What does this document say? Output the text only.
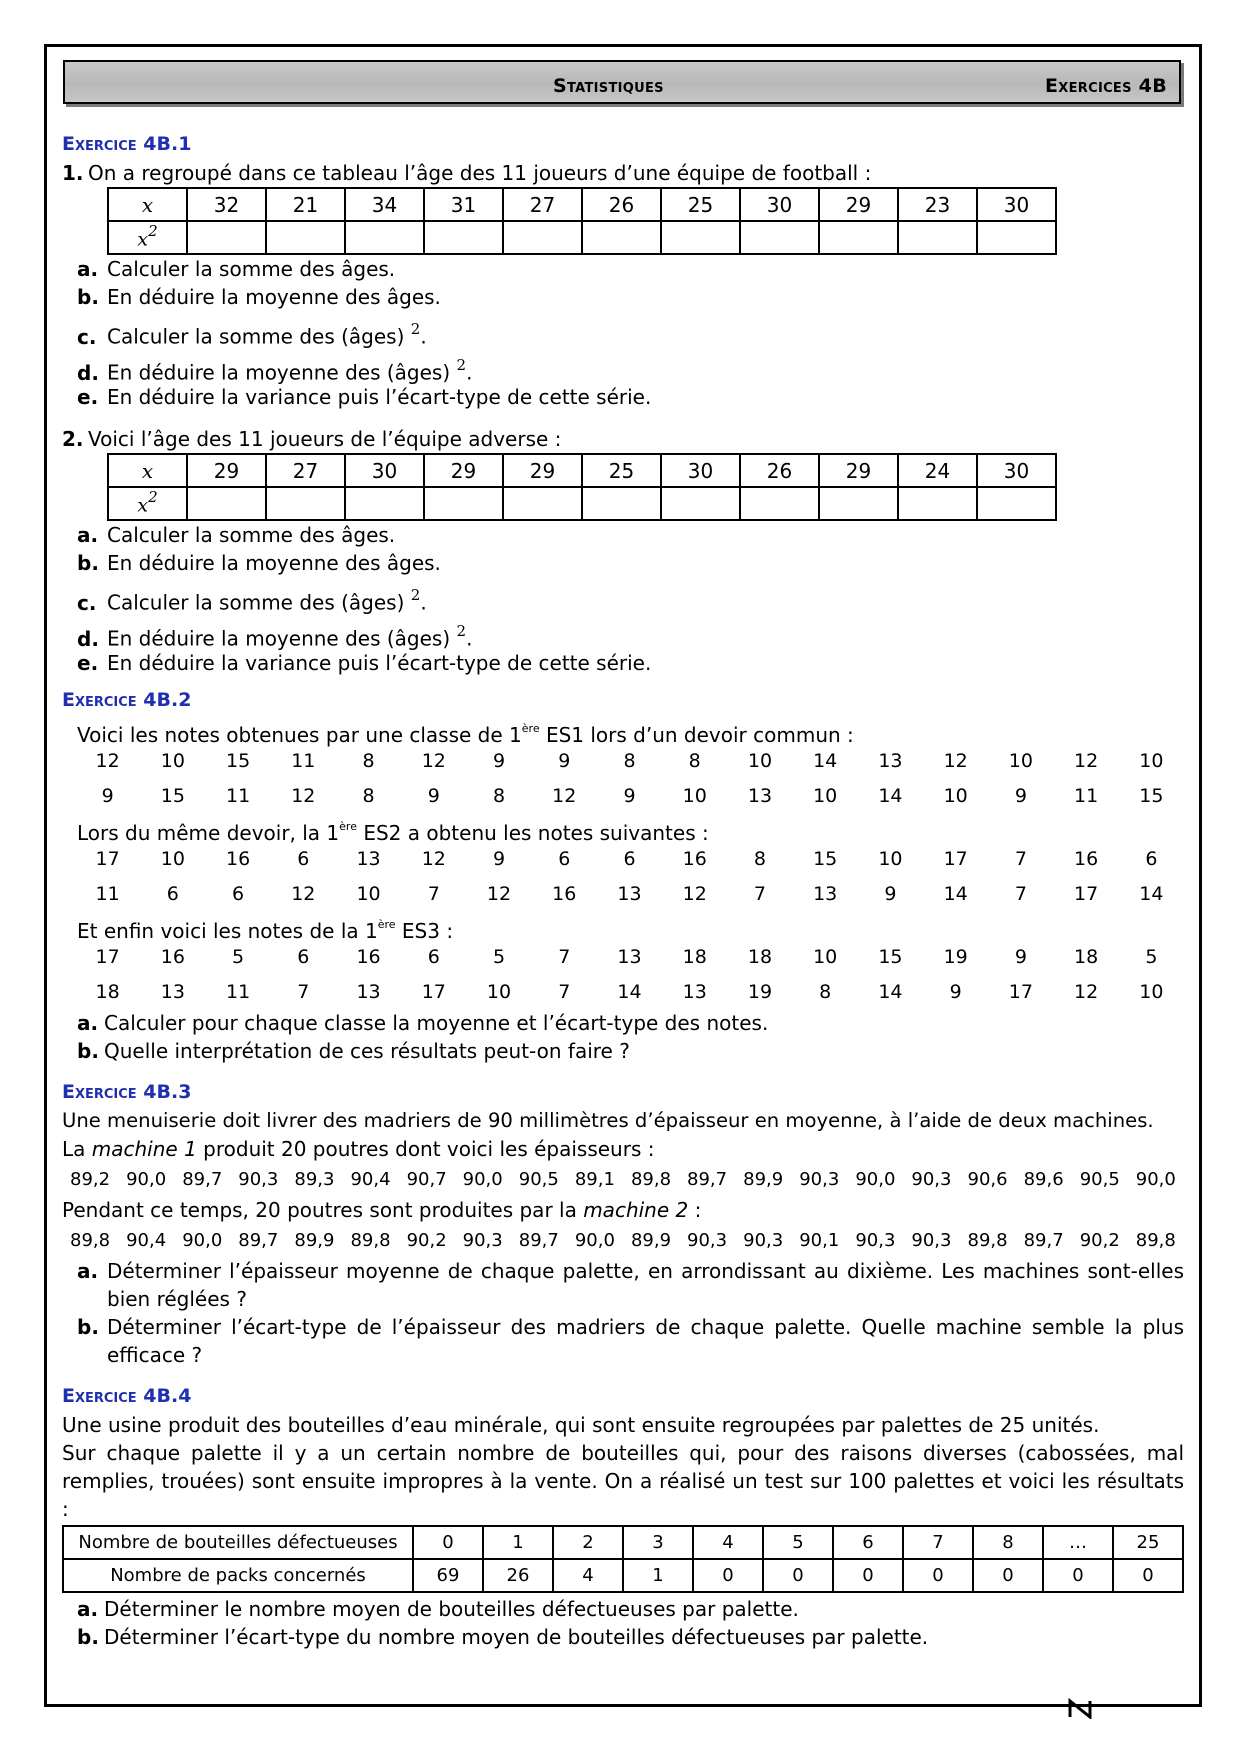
Statistiques	Exercices 4B
Exercice 4B.1
1. On a regroupé dans ce tableau l’âge des 11 joueurs d’une équipe de football :
x	32	21	34	31	27	26	25	30	29	23	30
$x^2$											
a. Calculer la somme des âges.
b. En déduire la moyenne des âges.
c. Calculer la somme des (âges) $^2$.
d. En déduire la moyenne des (âges) $^2$.
e. En déduire la variance puis l’écart-type de cette série.
2. Voici l’âge des 11 joueurs de l’équipe adverse :
x	29	27	30	29	29	25	30	26	29	24	30
$x^2$											
a. Calculer la somme des âges.
b. En déduire la moyenne des âges.
c. Calculer la somme des (âges) $^2$.
d. En déduire la moyenne des (âges) $^2$.
e. En déduire la variance puis l’écart-type de cette série.
Exercice 4B.2
Voici les notes obtenues par une classe de 1ère ES1 lors d’un devoir commun :
12	10	15	11	8	12	9	9	8	8	10	14	13	12	10	12	10
9	15	11	12	8	9	8	12	9	10	13	10	14	10	9	11	15
Lors du même devoir, la 1ère ES2 a obtenu les notes suivantes :
17	10	16	6	13	12	9	6	6	16	8	15	10	17	7	16	6
11	6	6	12	10	7	12	16	13	12	7	13	9	14	7	17	14
Et enfin voici les notes de la 1ère ES3 :
17	16	5	6	16	6	5	7	13	18	18	10	15	19	9	18	5
18	13	11	7	13	17	10	7	14	13	19	8	14	9	17	12	10
a. Calculer pour chaque classe la moyenne et l’écart-type des notes.
b. Quelle interprétation de ces résultats peut-on faire ?
Exercice 4B.3
Une menuiserie doit livrer des madriers de 90 millimètres d’épaisseur en moyenne, à l’aide de deux machines.
La machine 1 produit 20 poutres dont voici les épaisseurs :
89,2 90,0 89,7 90,3 89,3 90,4 90,7 90,0 90,5 89,1 89,8 89,7 89,9 90,3 90,0 90,3 90,6 89,6 90,5 90,0
Pendant ce temps, 20 poutres sont produites par la machine 2 :
89,8 90,4 90,0 89,7 89,9 89,8 90,2 90,3 89,7 90,0 89,9 90,3 90,3 90,1 90,3 90,3 89,8 89,7 90,2 89,8
a. Déterminer l’épaisseur moyenne de chaque palette, en arrondissant au dixième. Les machines sont-elles bien réglées ?
b. Déterminer l’écart-type de l’épaisseur des madriers de chaque palette. Quelle machine semble la plus efficace ?
Exercice 4B.4
Une usine produit des bouteilles d’eau minérale, qui sont ensuite regroupées par palettes de 25 unités.
Sur chaque palette il y a un certain nombre de bouteilles qui, pour des raisons diverses (cabossées, mal remplies, trouées) sont ensuite impropres à la vente. On a réalisé un test sur 100 palettes et voici les résultats :
Nombre de bouteilles défectueuses	0	1	2	3	4	5	6	7	8	…	25
Nombre de packs concernés	69	26	4	1	0	0	0	0	0	0	0
a. Déterminer le nombre moyen de bouteilles défectueuses par palette.
b. Déterminer l’écart-type du nombre moyen de bouteilles défectueuses par palette.
